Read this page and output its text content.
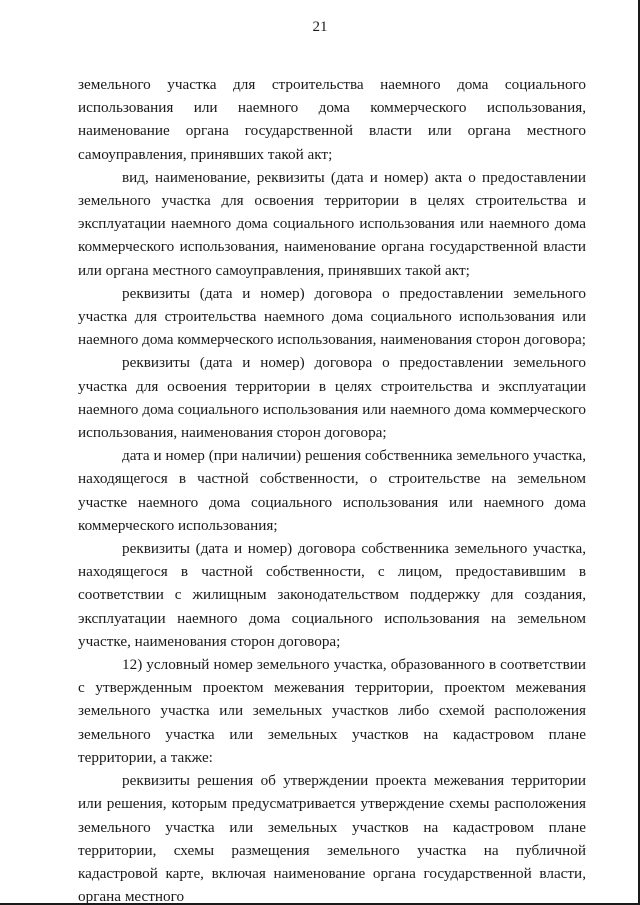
21

земельного участка для строительства наемного дома социального использования или наемного дома коммерческого использования, наименование органа государственной власти или органа местного самоуправления, принявших такой акт;

вид, наименование, реквизиты (дата и номер) акта о предоставлении земельного участка для освоения территории в целях строительства и эксплуатации наемного дома социального использования или наемного дома коммерческого использования, наименование органа государственной власти или органа местного самоуправления, принявших такой акт;

реквизиты (дата и номер) договора о предоставлении земельного участка для строительства наемного дома социального использования или наемного дома коммерческого использования, наименования сторон договора;

реквизиты (дата и номер) договора о предоставлении земельного участка для освоения территории в целях строительства и эксплуатации наемного дома социального использования или наемного дома коммерческого использования, наименования сторон договора;

дата и номер (при наличии) решения собственника земельного участка, находящегося в частной собственности, о строительстве на земельном участке наемного дома социального использования или наемного дома коммерческого использования;

реквизиты (дата и номер) договора собственника земельного участка, находящегося в частной собственности, с лицом, предоставившим в соответствии с жилищным законодательством поддержку для создания, эксплуатации наемного дома социального использования на земельном участке, наименования сторон договора;

12) условный номер земельного участка, образованного в соответствии с утвержденным проектом межевания территории, проектом межевания земельного участка или земельных участков либо схемой расположения земельного участка или земельных участков на кадастровом плане территории, а также:

реквизиты решения об утверждении проекта межевания территории или решения, которым предусматривается утверждение схемы расположения земельного участка или земельных участков на кадастровом плане территории, схемы размещения земельного участка на публичной кадастровой карте, включая наименование органа государственной власти, органа местного
